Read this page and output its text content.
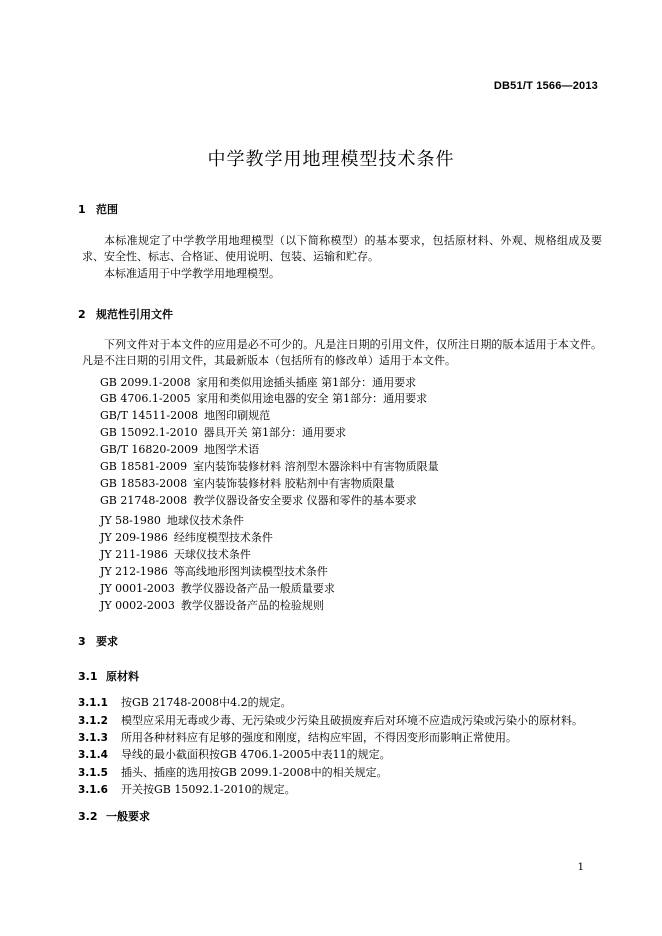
DB51/T 1566—2013
中学教学用地理模型技术条件
1 范围
本标准规定了中学教学用地理模型（以下简称模型）的基本要求，包括原材料、外观、规格组成及要求、安全性、标志、合格证、使用说明、包装、运输和贮存。
本标准适用于中学教学用地理模型。
2 规范性引用文件
下列文件对于本文件的应用是必不可少的。凡是注日期的引用文件，仅所注日期的版本适用于本文件。凡是不注日期的引用文件，其最新版本（包括所有的修改单）适用于本文件。
GB 2099.1-2008 家用和类似用途插头插座 第1部分：通用要求
GB 4706.1-2005 家用和类似用途电器的安全 第1部分：通用要求
GB/T 14511-2008 地图印刷规范
GB 15092.1-2010 器具开关 第1部分：通用要求
GB/T 16820-2009 地图学术语
GB 18581-2009 室内装饰装修材料 溶剂型木器涂料中有害物质限量
GB 18583-2008 室内装饰装修材料 胶粘剂中有害物质限量
GB 21748-2008 教学仪器设备安全要求 仪器和零件的基本要求
JY 58-1980 地球仪技术条件
JY 209-1986 经纬度模型技术条件
JY 211-1986 天球仪技术条件
JY 212-1986 等高线地形图判读模型技术条件
JY 0001-2003 教学仪器设备产品一般质量要求
JY 0002-2003 教学仪器设备产品的检验规则
3 要求
3.1 原材料
3.1.1 按GB 21748-2008中4.2的规定。
3.1.2 模型应采用无毒或少毒、无污染或少污染且破损废弃后对环境不应造成污染或污染小的原材料。
3.1.3 所用各种材料应有足够的强度和刚度，结构应牢固，不得因变形而影响正常使用。
3.1.4 导线的最小截面积按GB 4706.1-2005中表11的规定。
3.1.5 插头、插座的选用按GB 2099.1-2008中的相关规定。
3.1.6 开关按GB 15092.1-2010的规定。
3.2 一般要求
1
